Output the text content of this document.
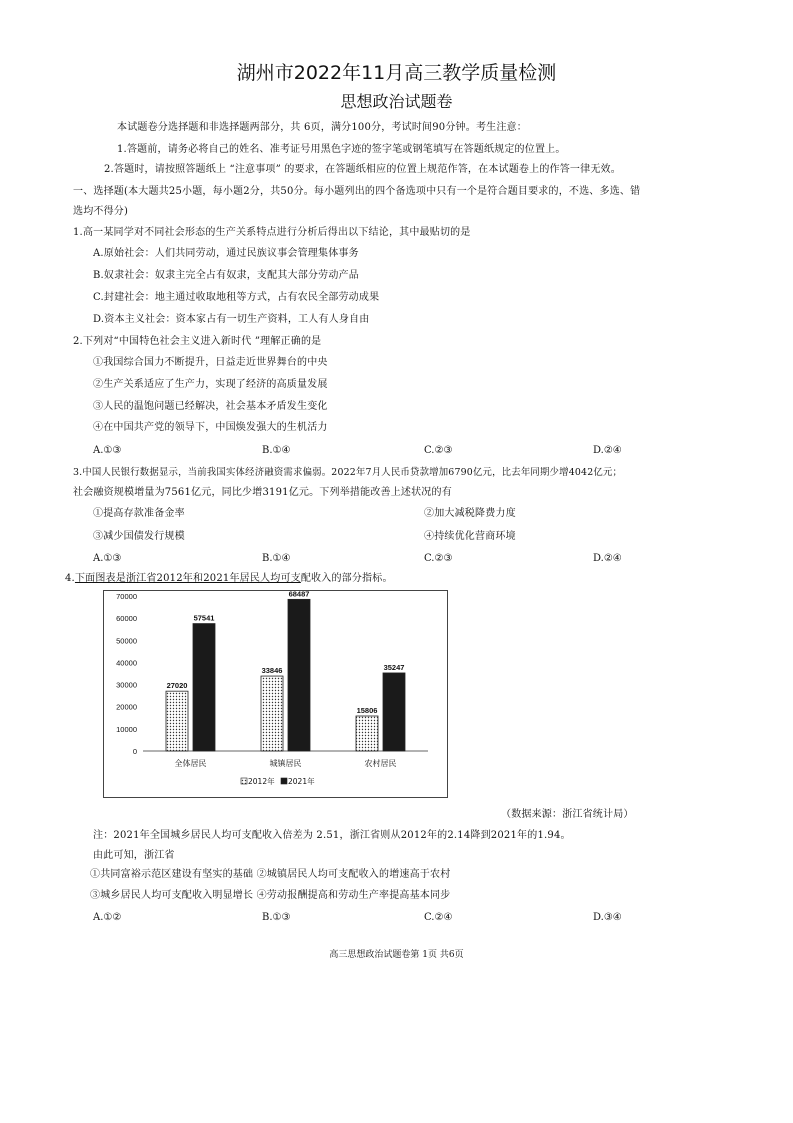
湖州市2022年11月高三教学质量检测
思想政治试题卷
本试题卷分选择题和非选择题两部分，共 6页，满分100分，考试时间90分钟。考生注意：
1.答题前，请务必将自己的姓名、准考证号用黑色字迹的签字笔或钢笔填写在答题纸规定的位置上。
2.答题时，请按照答题纸上 “注意事项” 的要求，在答题纸相应的位置上规范作答，在本试题卷上的作答一律无效。
一、选择题(本大题共25小题，每小题2分，共50分。每小题列出的四个备选项中只有一个是符合题目要求的，不选、多选、错
选均不得分)
1.高一某同学对不同社会形态的生产关系特点进行分析后得出以下结论，其中最贴切的是
A.原始社会：人们共同劳动，通过民族议事会管理集体事务
B.奴隶社会：奴隶主完全占有奴隶，支配其大部分劳动产品
C.封建社会：地主通过收取地租等方式，占有农民全部劳动成果
D.资本主义社会：资本家占有一切生产资料，工人有人身自由
2.下列对“中国特色社会主义进入新时代 ”理解正确的是
①我国综合国力不断提升，日益走近世界舞台的中央
②生产关系适应了生产力，实现了经济的高质量发展
③人民的温饱问题已经解决，社会基本矛盾发生变化
④在中国共产党的领导下，中国焕发强大的生机活力
A.①③	B.①④	C.②③	D.②④
3.中国人民银行数据显示，当前我国实体经济融资需求偏弱。2022年7月人民币贷款增加6790亿元，比去年同期少增4042亿元；
社会融资规模增量为7561亿元，同比少增3191亿元。下列举措能改善上述状况的有
①提高存款准备金率	②加大减税降费力度
③减少国债发行规模	④持续优化营商环境
A.①③	B.①④	C.②③	D.②④
4.下面图表是浙江省2012年和2021年居民人均可支配收入的部分指标。
0
10000
20000
30000
40000
50000
60000
70000
27020
57541
全体居民
33846
68487
城镇居民
15806
35247
农村居民
2012年 2021年
（数据来源：浙江省统计局）
注：2021年全国城乡居民人均可支配收入倍差为 2.51，浙江省则从2012年的2.14降到2021年的1.94。
由此可知，浙江省
①共同富裕示范区建设有坚实的基础 ②城镇居民人均可支配收入的增速高于农村
③城乡居民人均可支配收入明显增长 ④劳动报酬提高和劳动生产率提高基本同步
A.①②	B.①③	C.②④	D.③④
高三思想政治试题卷第 1页 共6页
